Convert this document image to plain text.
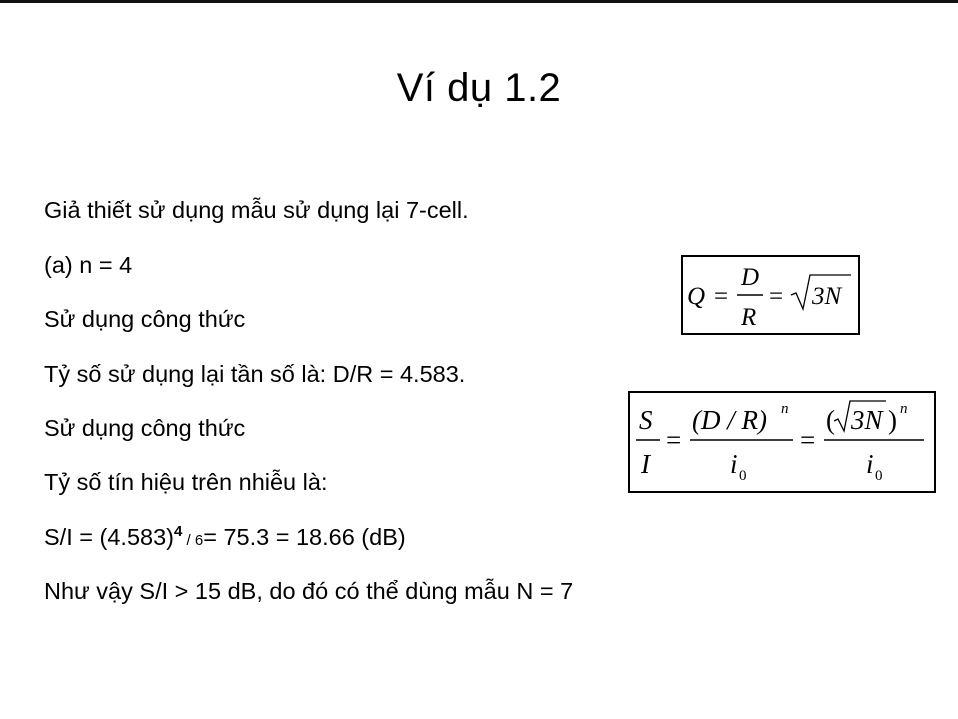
Ví dụ 1.2
Giả thiết sử dụng mẫu sử dụng lại 7-cell.
(a) n = 4
Sử dụng công thức
Tỷ số sử dụng lại tần số là: D/R = 4.583.
Sử dụng công thức
Tỷ số tín hiệu trên nhiễu là:
$S/I = (4.583)^4 / 6= 75.3 = 18.66$ (dB)
Như vậy S/I > 15 dB, do đó có thể dùng mẫu N = 7
Q =
D
R
= 3N
S
I
=
(D / R) n
i 0
=
( 3N ) n
i 0
